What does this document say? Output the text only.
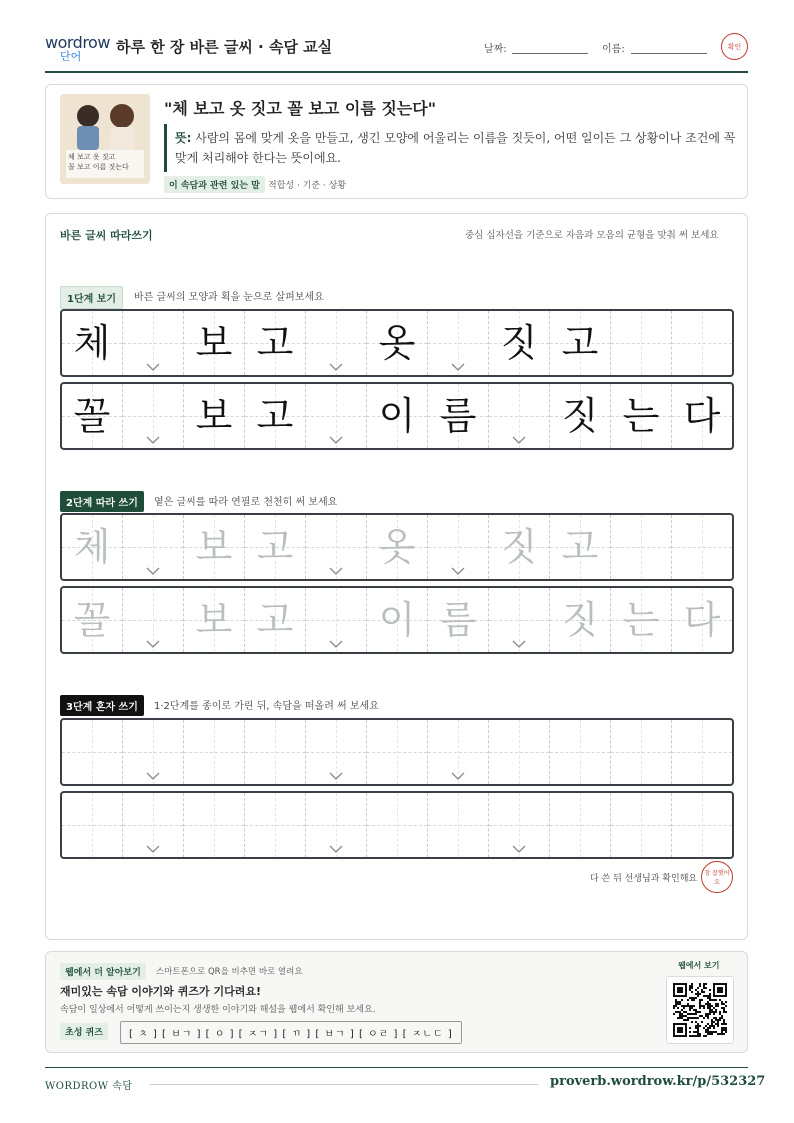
wordrow
단어
하루 한 장 바른 글씨 · 속담 교실	날짜:	이름:	확인
체 보고 옷 짓고
꼴 보고 이름 짓는다
"체 보고 옷 짓고 꼴 보고 이름 짓는다"
뜻: 사람의 몸에 맞게 옷을 만들고, 생긴 모양에 어울리는 이름을 짓듯이, 어떤 일이든 그 상황이나 조건에 꼭 맞게 처리해야 한다는 뜻이에요.
이 속담과 관련 있는 말 적합성 · 기준 · 상황
바른 글씨 따라쓰기	중심 십자선을 기준으로 자음과 모음의 균형을 맞춰 써 보세요
1단계 보기	바른 글씨의 모양과 획을 눈으로 살펴보세요
체 보 고 옷 짓 고
꼴 보 고 이 름 짓 는 다
2단계 따라 쓰기	옅은 글씨를 따라 연필로 천천히 써 보세요
체 보 고 옷 짓 고
꼴 보 고 이 름 짓 는 다
3단계 혼자 쓰기	1·2단계를 종이로 가린 뒤, 속담을 떠올려 써 보세요
다 쓴 뒤 선생님과 확인해요
참 잘했어요
웹에서 더 알아보기	스마트폰으로 QR을 비추면 바로 열려요
재미있는 속담 이야기와 퀴즈가 기다려요!
속담이 일상에서 어떻게 쓰이는지 생생한 이야기와 해설을 웹에서 확인해 보세요.
초성 퀴즈	[ ㅊ ] [ ㅂㄱ ] [ ㅇ ] [ ㅈㄱ ] [ ㄲ ] [ ㅂㄱ ] [ ㅇㄹ ] [ ㅈㄴㄷ ]
웹에서 보기
WORDROW 속담	proverb.wordrow.kr/p/532327
